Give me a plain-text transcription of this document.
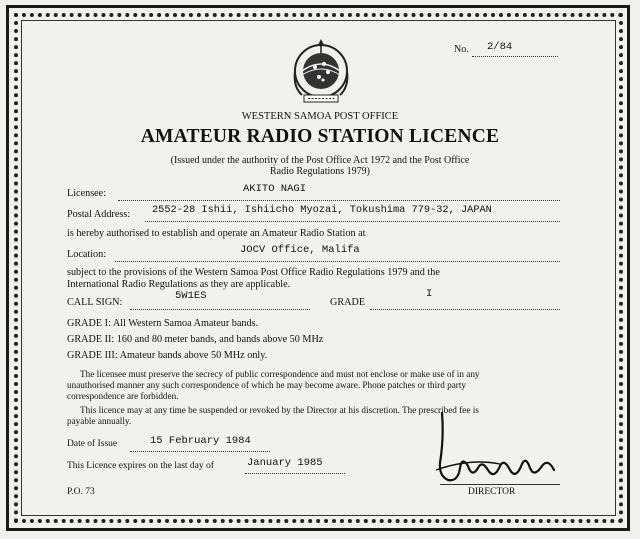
No. 2/84
WESTERN SAMOA POST OFFICE
AMATEUR RADIO STATION LICENCE
(Issued under the authority of the Post Office Act 1972 and the Post Office
Radio Regulations 1979)
Licensee:	AKITO NAGI
Postal Address: 2552-28 Ishii, Ishiicho Myozai, Tokushima 779-32, JAPAN
is hereby authorised to establish and operate an Amateur Radio Station at
Location:	JOCV Office, Malifa
subject to the provisions of the Western Samoa Post Office Radio Regulations 1979 and the
International Radio Regulations as they are applicable.
CALL SIGN:
5W1ES
GRADE
I
GRADE I: All Western Samoa Amateur bands.
GRADE II: 160 and 80 meter bands, and bands above 50 MHz
GRADE III: Amateur bands above 50 MHz only.
The licensee must preserve the secrecy of public correspondence and must not enclose or make use of in any
unauthorised manner any such correspondence of which he may become aware. Phone patches or third party
correspondence are forbidden.
This licence may at any time be suspended or revoked by the Director at his discretion. The prescribed fee is
payable annually.
Date of Issue	15 February 1984
This Licence expires on the last day of	January 1985
DIRECTOR
P.O. 73
